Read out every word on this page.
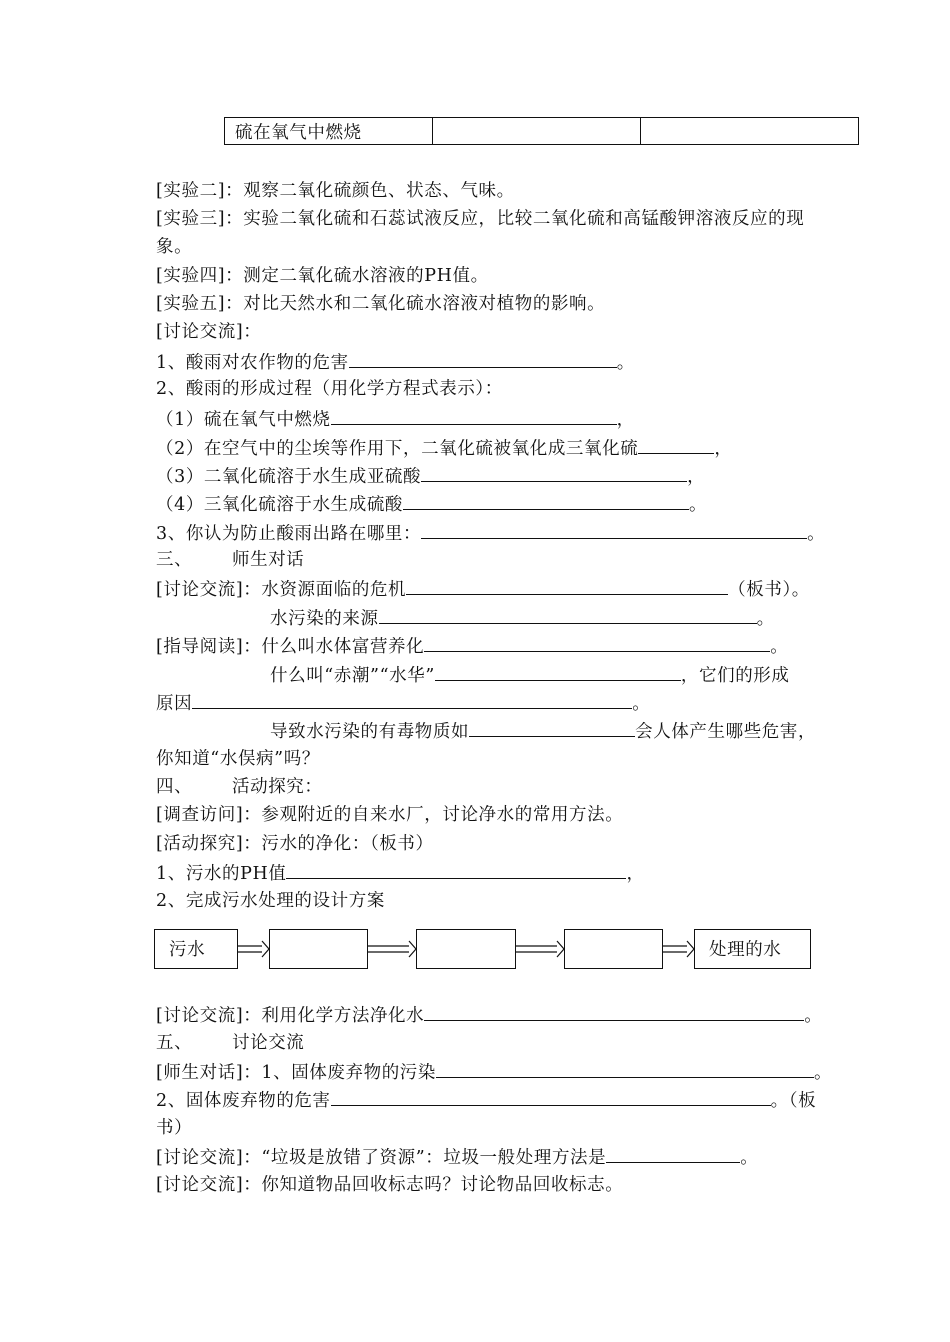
硫在氧气中燃烧		
[实验二]：观察二氧化硫颜色、状态、气味。
[实验三]：实验二氧化硫和石蕊试液反应，比较二氧化硫和高锰酸钾溶液反应的现
象。
[实验四]：测定二氧化硫水溶液的PH值。
[实验五]：对比天然水和二氧化硫水溶液对植物的影响。
[讨论交流]：
1、酸雨对农作物的危害	。
2、酸雨的形成过程（用化学方程式表示）：
（1）硫在氧气中燃烧	，
（2）在空气中的尘埃等作用下，二氧化硫被氧化成三氧化硫	，
（3）二氧化硫溶于水生成亚硫酸	，
（4）三氧化硫溶于水生成硫酸	。
3、你认为防止酸雨出路在哪里：	。
三、 师生对话
[讨论交流]：水资源面临的危机	（板书）。
水污染的来源	。
[指导阅读]：什么叫水体富营养化	。
什么叫“赤潮”“水华”	，它们的形成
原因	。
导致水污染的有毒物质如	会人体产生哪些危害，
你知道“水俣病”吗？
四、 活动探究：
[调查访问]：参观附近的自来水厂，讨论净水的常用方法。
[活动探究]：污水的净化：（板书）
1、污水的PH值	，
2、完成污水处理的设计方案
污水	处理的水
[讨论交流]：利用化学方法净化水	。
五、 讨论交流
[师生对话]：1、固体废弃物的污染	。
2、固体废弃物的危害	。（板
书）
[讨论交流]：“垃圾是放错了资源”：垃圾一般处理方法是	。
[讨论交流]：你知道物品回收标志吗？讨论物品回收标志。
